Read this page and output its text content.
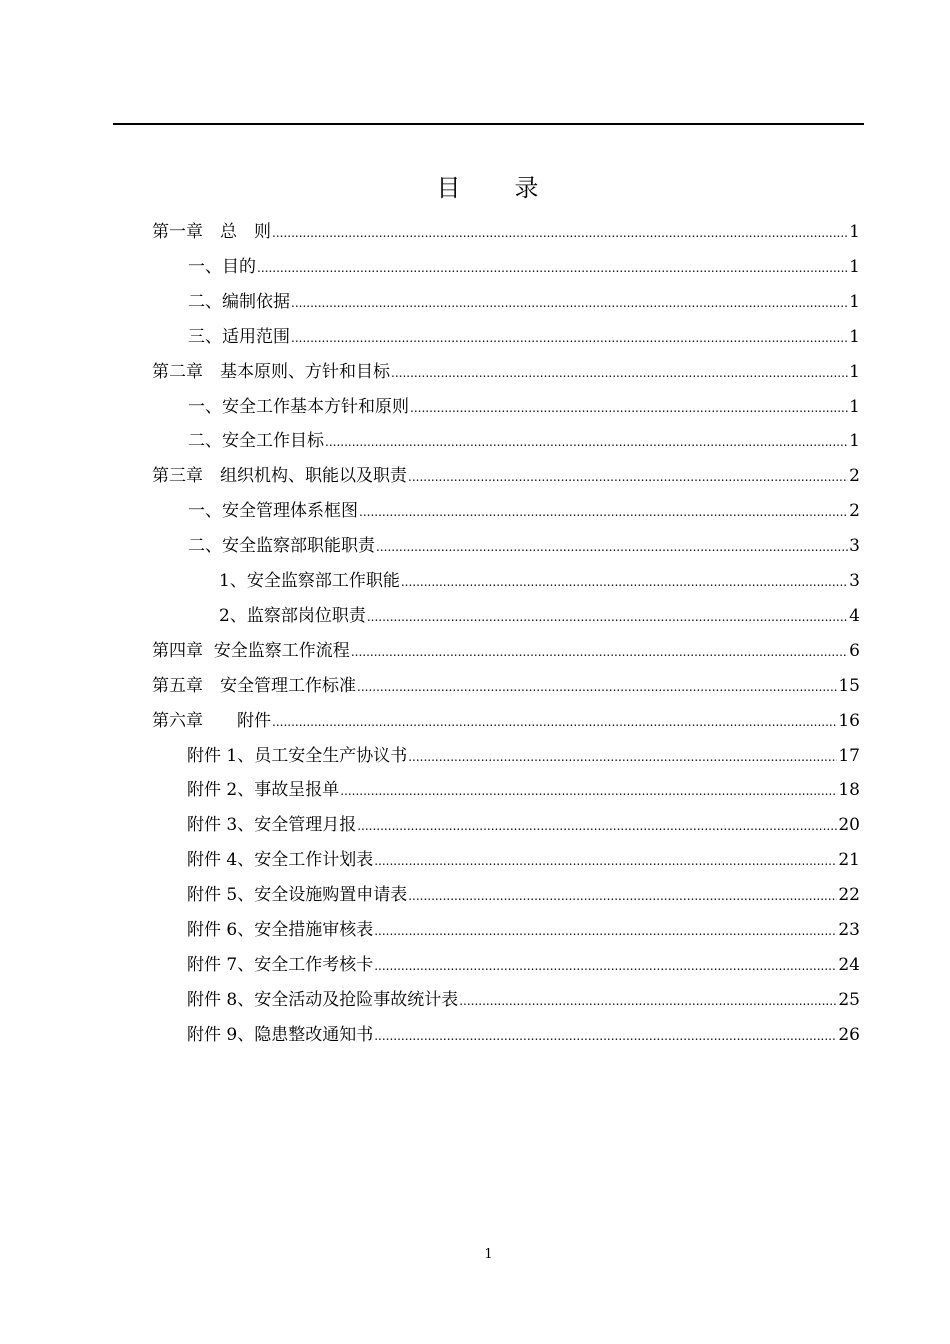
目　　录
第一章　总　则 .....	1
一、目的 .....	1
二、编制依据 .....	1
三、适用范围 .....	1
第二章　基本原则、方针和目标 .....	1
一、安全工作基本方针和原则 .....	1
二、安全工作目标 .....	1
第三章　组织机构、职能以及职责 .....	2
一、安全管理体系框图 .....	2
二、安全监察部职能职责 .....	3
1、安全监察部工作职能 .....	3
2、监察部岗位职责 .....	4
第四章  安全监察工作流程 .....	6
第五章　安全管理工作标准 .....	15
第六章　　附件 .....	16
附件 1、员工安全生产协议书 .....	17
附件 2、事故呈报单 .....	18
附件 3、安全管理月报 .....	20
附件 4、安全工作计划表 .....	21
附件 5、安全设施购置申请表 .....	22
附件 6、安全措施审核表 .....	23
附件 7、安全工作考核卡 .....	24
附件 8、安全活动及抢险事故统计表 .....	25
附件 9、隐患整改通知书 .....	26
1
